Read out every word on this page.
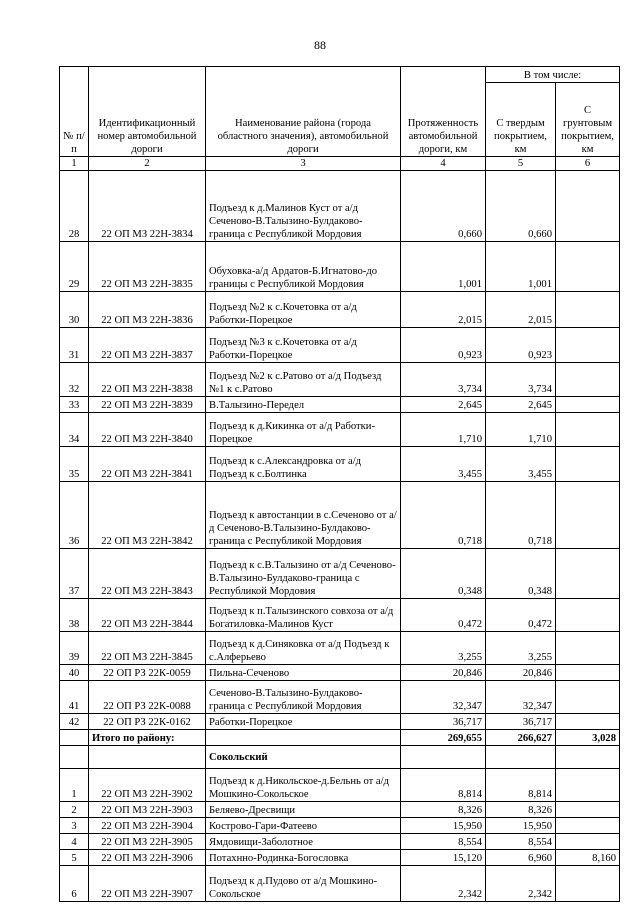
88
№ п/п	Идентификационный номер автомобильной дороги	Наименование района (города областного значения), автомобильной дороги	Протяженность автомобильной дороги, км	В том числе:	
				С твердым покрытием, км	С грунтовым покрытием, км
1	2	3	4	5	6
28	22 ОП МЗ 22Н-3834	Подъезд к д.Малинов Куст от а/д Сеченово-В.Талызино-Булдаково-граница с Республикой Мордовия	0,660	0,660	
29	22 ОП МЗ 22Н-3835	Обуховка-а/д Ардатов-Б.Игнатово-до границы с Республикой Мордовия	1,001	1,001	
30	22 ОП МЗ 22Н-3836	Подъезд №2 к с.Кочетовка от а/д Работки-Порецкое	2,015	2,015	
31	22 ОП МЗ 22Н-3837	Подъезд №3 к с.Кочетовка от а/д Работки-Порецкое	0,923	0,923	
32	22 ОП МЗ 22Н-3838	Подъезд №2 к с.Ратово от а/д Подъезд №1 к с.Ратово	3,734	3,734	
33	22 ОП МЗ 22Н-3839	В.Талызино-Передел	2,645	2,645	
34	22 ОП МЗ 22Н-3840	Подъезд к д.Кикинка от а/д Работки-Порецкое	1,710	1,710	
35	22 ОП МЗ 22Н-3841	Подъезд к с.Александровка от а/д Подъезд к с.Болтинка	3,455	3,455	
36	22 ОП МЗ 22Н-3842	Подъезд к автостанции в с.Сеченово от а/д Сеченово-В.Талызино-Булдаково-граница с Республикой Мордовия	0,718	0,718	
37	22 ОП МЗ 22Н-3843	Подъезд к с.В.Талызино от а/д Сеченово-В.Талызино-Булдаково-граница с Республикой Мордовия	0,348	0,348	
38	22 ОП МЗ 22Н-3844	Подъезд к п.Талызинского совхоза от а/д Богатиловка-Малинов Куст	0,472	0,472	
39	22 ОП МЗ 22Н-3845	Подъезд к д.Синяковка от а/д Подъезд к с.Алферьево	3,255	3,255	
40	22 ОП РЗ 22К-0059	Пильна-Сеченово	20,846	20,846	
41	22 ОП РЗ 22К-0088	Сеченово-В.Талызино-Булдаково-граница с Республикой Мордовия	32,347	32,347	
42	22 ОП РЗ 22К-0162	Работки-Порецкое	36,717	36,717	
	Итого по району:		269,655	266,627	3,028
		Сокольский			
1	22 ОП МЗ 22Н-3902	Подъезд к д.Никольское-д.Бельнь от а/д Мошкино-Сокольское	8,814	8,814	
2	22 ОП МЗ 22Н-3903	Беляево-Дресвищи	8,326	8,326	
3	22 ОП МЗ 22Н-3904	Кострово-Гари-Фатеево	15,950	15,950	
4	22 ОП МЗ 22Н-3905	Ямдовищи-Заболотное	8,554	8,554	
5	22 ОП МЗ 22Н-3906	Потахнно-Родинка-Богословка	15,120	6,960	8,160
6	22 ОП МЗ 22Н-3907	Подъезд к д.Пудово от а/д Мошкино-Сокольское	2,342	2,342	
